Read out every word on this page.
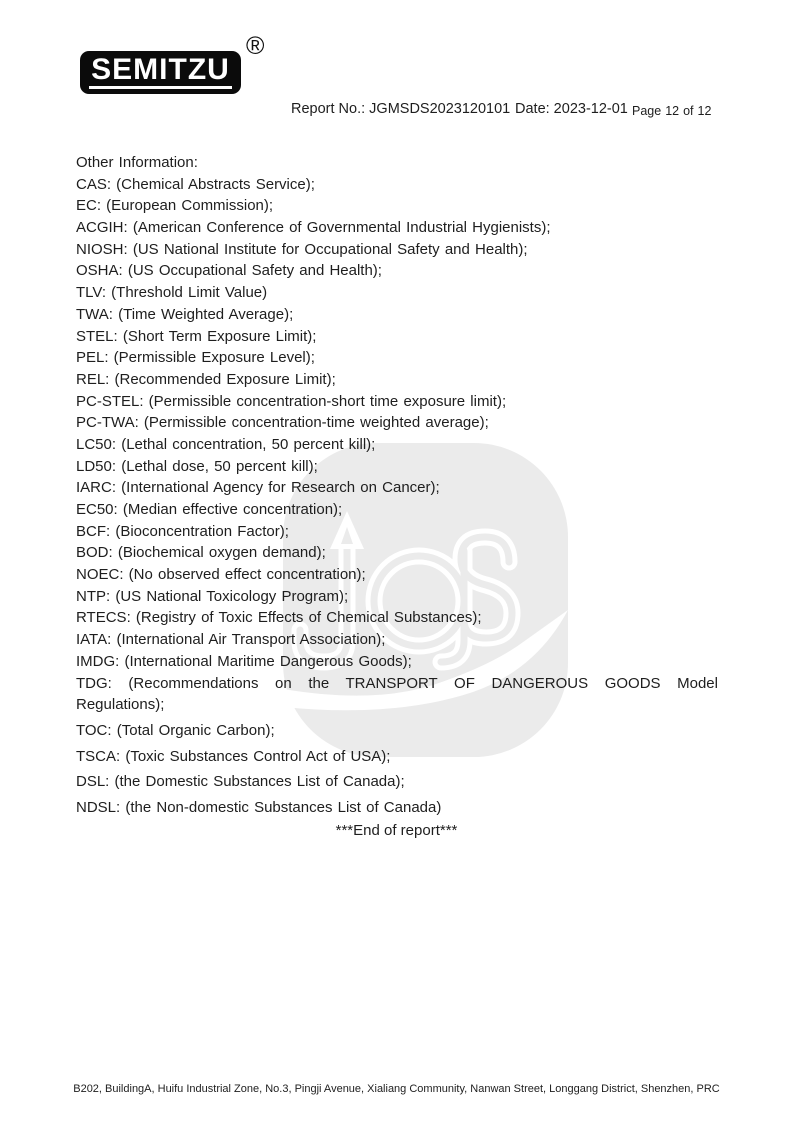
SEMITZU
®
Report No.: JGMSDS2023120101 Date: 2023-12-01 Page 12 of 12
Other Information:
CAS: (Chemical Abstracts Service);
EC: (European Commission);
ACGIH: (American Conference of Governmental Industrial Hygienists);
NIOSH: (US National Institute for Occupational Safety and Health);
OSHA: (US Occupational Safety and Health);
TLV: (Threshold Limit Value)
TWA: (Time Weighted Average);
STEL: (Short Term Exposure Limit);
PEL: (Permissible Exposure Level);
REL: (Recommended Exposure Limit);
PC-STEL: (Permissible concentration-short time exposure limit);
PC-TWA: (Permissible concentration-time weighted average);
LC50: (Lethal concentration, 50 percent kill);
LD50: (Lethal dose, 50 percent kill);
IARC: (International Agency for Research on Cancer);
EC50: (Median effective concentration);
BCF: (Bioconcentration Factor);
BOD: (Biochemical oxygen demand);
NOEC: (No observed effect concentration);
NTP: (US National Toxicology Program);
RTECS: (Registry of Toxic Effects of Chemical Substances);
IATA: (International Air Transport Association);
IMDG: (International Maritime Dangerous Goods);
TDG: (Recommendations on the TRANSPORT OF DANGEROUS GOODS Model
Regulations);
TOC: (Total Organic Carbon);
TSCA: (Toxic Substances Control Act of USA);
DSL: (the Domestic Substances List of Canada);
NDSL: (the Non-domestic Substances List of Canada)
***End of report***
B202, BuildingA, Huifu Industrial Zone, No.3, Pingji Avenue, Xialiang Community, Nanwan Street, Longgang District, Shenzhen, PRC
